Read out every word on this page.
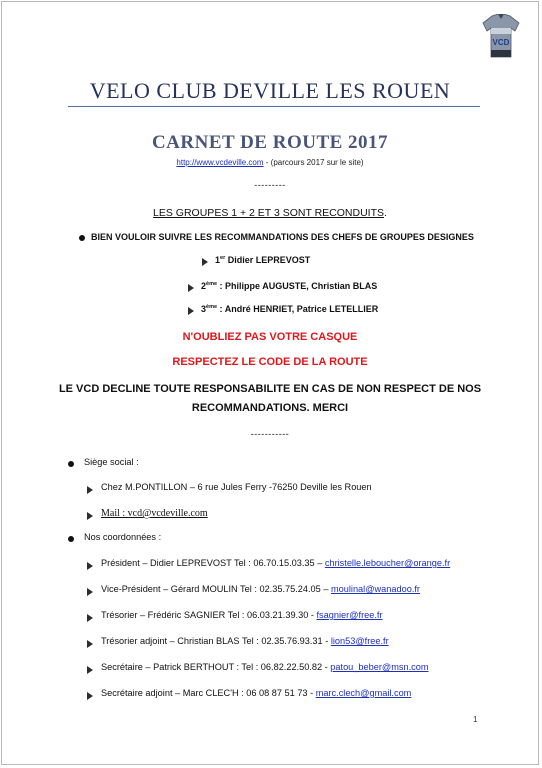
VCD
VELO CLUB DEVILLE LES ROUEN
CARNET DE ROUTE 2017
http://www.vcdeville.com - (parcours 2017 sur le site)
---------
LES GROUPES 1 + 2 ET 3 SONT RECONDUITS.
BIEN VOULOIR SUIVRE LES RECOMMANDATIONS DES CHEFS DE GROUPES DESIGNES
1er Didier LEPREVOST
2ème : Philippe AUGUSTE, Christian BLAS
3ème : André HENRIET, Patrice LETELLIER
N'OUBLIEZ PAS VOTRE CASQUE
RESPECTEZ LE CODE DE LA ROUTE
LE VCD DECLINE TOUTE RESPONSABILITE EN CAS DE NON RESPECT DE NOS
RECOMMANDATIONS. MERCI
-----------
Siège social :
Chez M.PONTILLON – 6 rue Jules Ferry -76250 Deville les Rouen
Mail : vcd@vcdeville.com
Nos coordonnées :
Président – Didier LEPREVOST Tel : 06.70.15.03.35 – christelle.leboucher@orange.fr
Vice-Président – Gérard MOULIN Tel : 02.35.75.24.05 – moulinal@wanadoo.fr
Trésorier – Frédéric SAGNIER Tel : 06.03.21.39.30 - fsagnier@free.fr
Trésorier adjoint – Christian BLAS Tel : 02.35.76.93.31 - lion53@free.fr
Secrétaire – Patrick BERTHOUT : Tel : 06.82.22.50.82 - patou_beber@msn.com
Secrétaire adjoint – Marc CLEC'H : 06 08 87 51 73 - marc.clech@gmail.com
1
